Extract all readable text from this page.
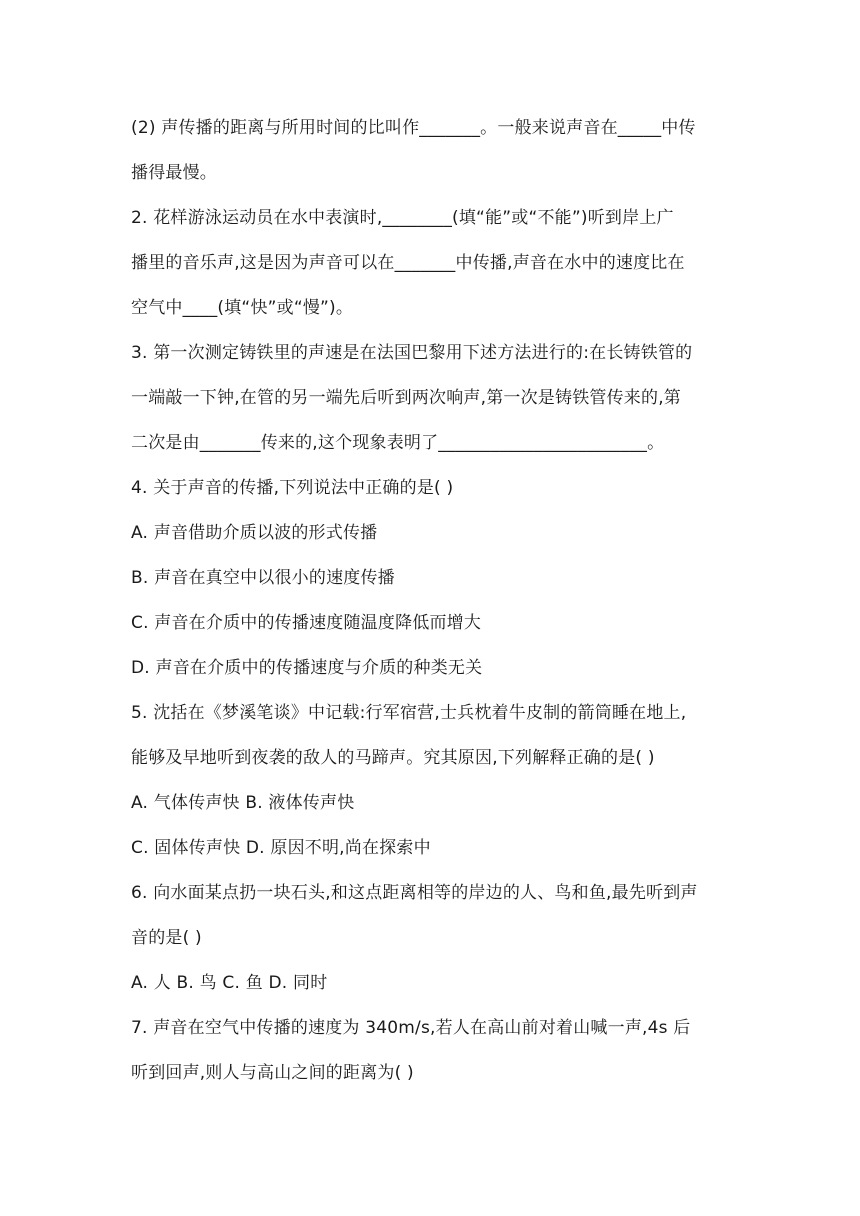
(2) 声传播的距离与所用时间的比叫作_______。一般来说声音在_____中传
播得最慢。
2. 花样游泳运动员在水中表演时,________(填“能”或“不能”)听到岸上广
播里的音乐声,这是因为声音可以在_______中传播,声音在水中的速度比在
空气中____(填“快”或“慢”)。
3. 第一次测定铸铁里的声速是在法国巴黎用下述方法进行的:在长铸铁管的
一端敲一下钟,在管的另一端先后听到两次响声,第一次是铸铁管传来的,第
二次是由_______传来的,这个现象表明了________________________。
4. 关于声音的传播,下列说法中正确的是( )
A. 声音借助介质以波的形式传播
B. 声音在真空中以很小的速度传播
C. 声音在介质中的传播速度随温度降低而增大
D. 声音在介质中的传播速度与介质的种类无关
5. 沈括在《梦溪笔谈》中记载:行军宿营,士兵枕着牛皮制的箭筒睡在地上,
能够及早地听到夜袭的敌人的马蹄声。究其原因,下列解释正确的是( )
A. 气体传声快 B. 液体传声快
C. 固体传声快 D. 原因不明,尚在探索中
6. 向水面某点扔一块石头,和这点距离相等的岸边的人、鸟和鱼,最先听到声
音的是( )
A. 人 B. 鸟 C. 鱼 D. 同时
7. 声音在空气中传播的速度为 340m/s,若人在高山前对着山喊一声,4s 后
听到回声,则人与高山之间的距离为( )
